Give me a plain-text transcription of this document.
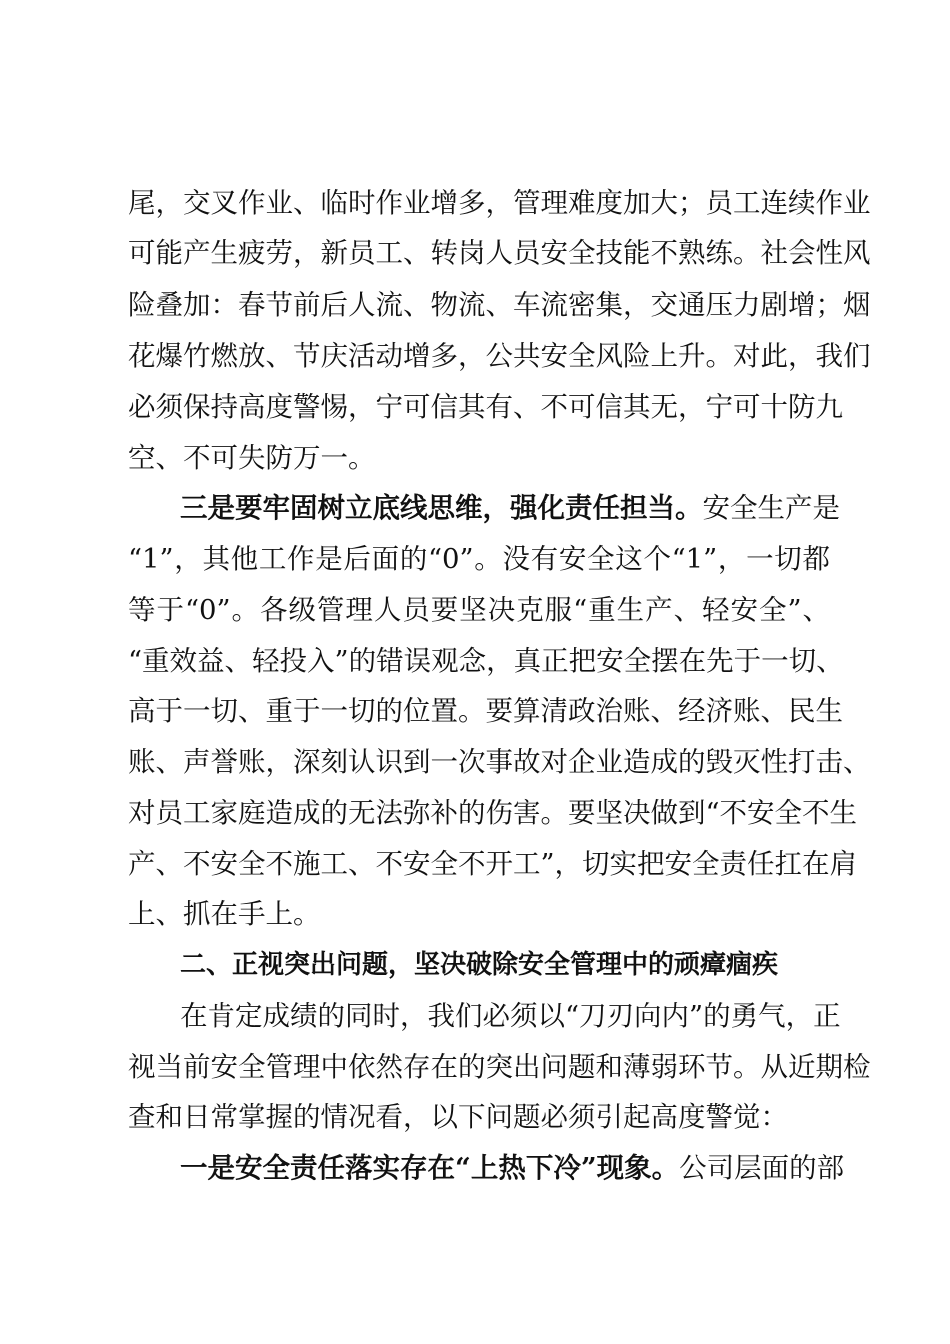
尾，交叉作业、临时作业增多，管理难度加大；员工连续作业
可能产生疲劳，新员工、转岗人员安全技能不熟练。社会性风
险叠加：春节前后人流、物流、车流密集，交通压力剧增；烟
花爆竹燃放、节庆活动增多，公共安全风险上升。对此，我们
必须保持高度警惕，宁可信其有、不可信其无，宁可十防九
空、不可失防万一。
三是要牢固树立底线思维，强化责任担当。安全生产是
“1”，其他工作是后面的“0”。没有安全这个“1”，一切都
等于“0”。各级管理人员要坚决克服“重生产、轻安全”、
“重效益、轻投入”的错误观念，真正把安全摆在先于一切、
高于一切、重于一切的位置。要算清政治账、经济账、民生
账、声誉账，深刻认识到一次事故对企业造成的毁灭性打击、
对员工家庭造成的无法弥补的伤害。要坚决做到“不安全不生
产、不安全不施工、不安全不开工”，切实把安全责任扛在肩
上、抓在手上。
二、正视突出问题，坚决破除安全管理中的顽瘴痼疾
在肯定成绩的同时，我们必须以“刀刃向内”的勇气，正
视当前安全管理中依然存在的突出问题和薄弱环节。从近期检
查和日常掌握的情况看，以下问题必须引起高度警觉：
一是安全责任落实存在“上热下冷”现象。公司层面的部
